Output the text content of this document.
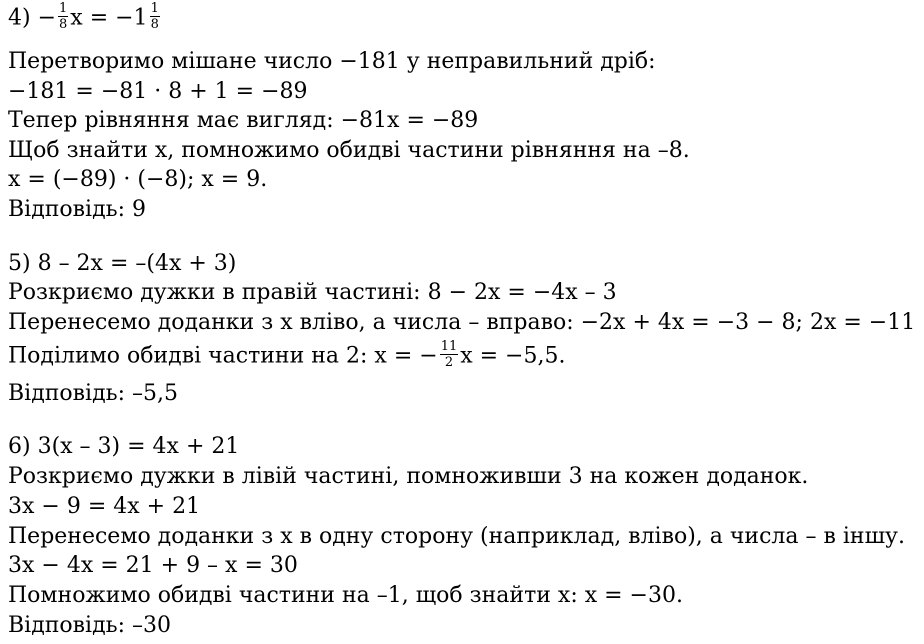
$4) - \frac{1}{8}$ $x = -1 \frac{1}{8}$
Перетворимо мішане число −181 у неправильний дріб:
−181 = −81 · 8 + 1 = −89
Тепер рівняння має вигляд: −81x = −89
Щоб знайти x, помножимо обидві частини рівняння на –8.
x = (−89) · (−8); x = 9.
Відповідь: 9
5) 8 – 2x = –(4x + 3)
Розкриємо дужки в правій частині: 8 − 2x = −4x – 3
Перенесемо доданки з x вліво, а числа – вправо: −2x + 4x = −3 − 8; 2x = −11
Поділимо обидві частини на 2: x = − $\frac{11}{2}$ x = −5,5.
Відповідь: –5,5
6) 3(x – 3) = 4x + 21
Розкриємо дужки в лівій частині, помноживши 3 на кожен доданок.
3x − 9 = 4x + 21
Перенесемо доданки з x в одну сторону (наприклад, вліво), а числа – в іншу.
3x − 4x = 21 + 9 – x = 30
Помножимо обидві частини на –1, щоб знайти x: x = −30.
Відповідь: –30
